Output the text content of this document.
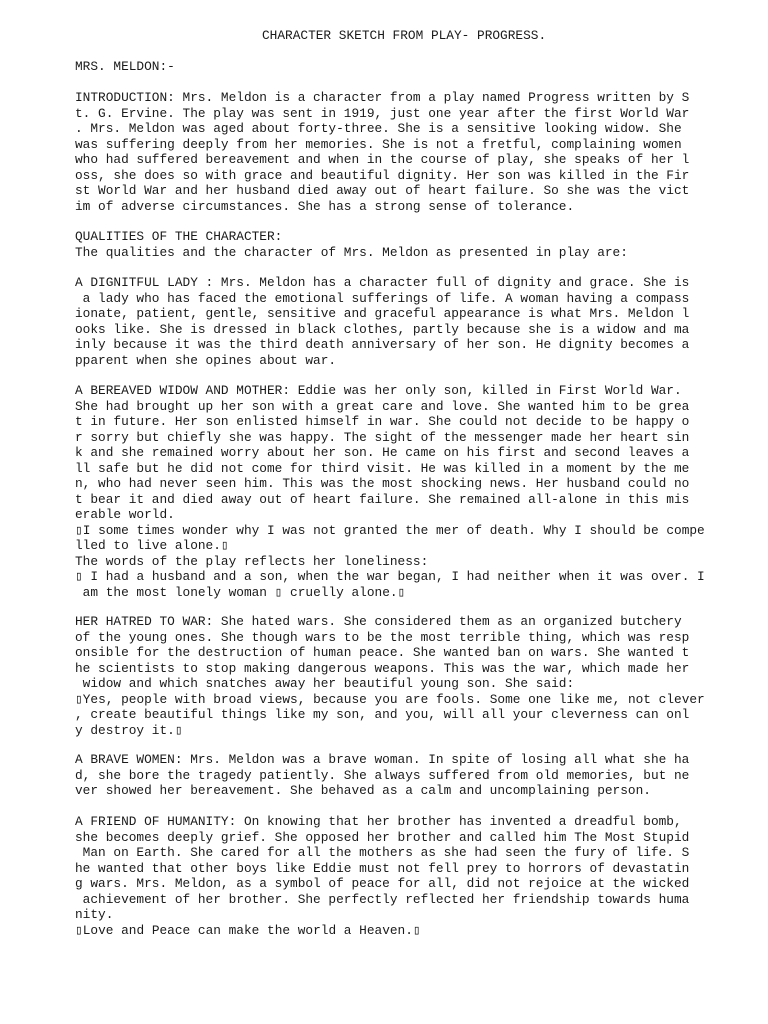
CHARACTER SKETCH FROM PLAY- PROGRESS.
MRS. MELDON:-
INTRODUCTION: Mrs. Meldon is a character from a play named Progress written by S
t. G. Ervine. The play was sent in 1919, just one year after the first World War
. Mrs. Meldon was aged about forty-three. She is a sensitive looking widow. She
was suffering deeply from her memories. She is not a fretful, complaining women
who had suffered bereavement and when in the course of play, she speaks of her l
oss, she does so with grace and beautiful dignity. Her son was killed in the Fir
st World War and her husband died away out of heart failure. So she was the vict
im of adverse circumstances. She has a strong sense of tolerance.
QUALITIES OF THE CHARACTER:
The qualities and the character of Mrs. Meldon as presented in play are:
A DIGNITFUL LADY : Mrs. Meldon has a character full of dignity and grace. She is
a lady who has faced the emotional sufferings of life. A woman having a compass
ionate, patient, gentle, sensitive and graceful appearance is what Mrs. Meldon l
ooks like. She is dressed in black clothes, partly because she is a widow and ma
inly because it was the third death anniversary of her son. He dignity becomes a
pparent when she opines about war.
A BEREAVED WIDOW AND MOTHER: Eddie was her only son, killed in First World War.
She had brought up her son with a great care and love. She wanted him to be grea
t in future. Her son enlisted himself in war. She could not decide to be happy o
r sorry but chiefly she was happy. The sight of the messenger made her heart sin
k and she remained worry about her son. He came on his first and second leaves a
ll safe but he did not come for third visit. He was killed in a moment by the me
n, who had never seen him. This was the most shocking news. Her husband could no
t bear it and died away out of heart failure. She remained all-alone in this mis
erable world.
▯I some times wonder why I was not granted the mer of death. Why I should be compe
lled to live alone.▯
The words of the play reflects her loneliness:
▯ I had a husband and a son, when the war began, I had neither when it was over. I
am the most lonely woman ▯ cruelly alone.▯
HER HATRED TO WAR: She hated wars. She considered them as an organized butchery
of the young ones. She though wars to be the most terrible thing, which was resp
onsible for the destruction of human peace. She wanted ban on wars. She wanted t
he scientists to stop making dangerous weapons. This was the war, which made her
widow and which snatches away her beautiful young son. She said:
▯Yes, people with broad views, because you are fools. Some one like me, not clever
, create beautiful things like my son, and you, will all your cleverness can onl
y destroy it.▯
A BRAVE WOMEN: Mrs. Meldon was a brave woman. In spite of losing all what she ha
d, she bore the tragedy patiently. She always suffered from old memories, but ne
ver showed her bereavement. She behaved as a calm and uncomplaining person.
A FRIEND OF HUMANITY: On knowing that her brother has invented a dreadful bomb,
she becomes deeply grief. She opposed her brother and called him The Most Stupid
Man on Earth. She cared for all the mothers as she had seen the fury of life. S
he wanted that other boys like Eddie must not fell prey to horrors of devastatin
g wars. Mrs. Meldon, as a symbol of peace for all, did not rejoice at the wicked
achievement of her brother. She perfectly reflected her friendship towards huma
nity.
▯Love and Peace can make the world a Heaven.▯
